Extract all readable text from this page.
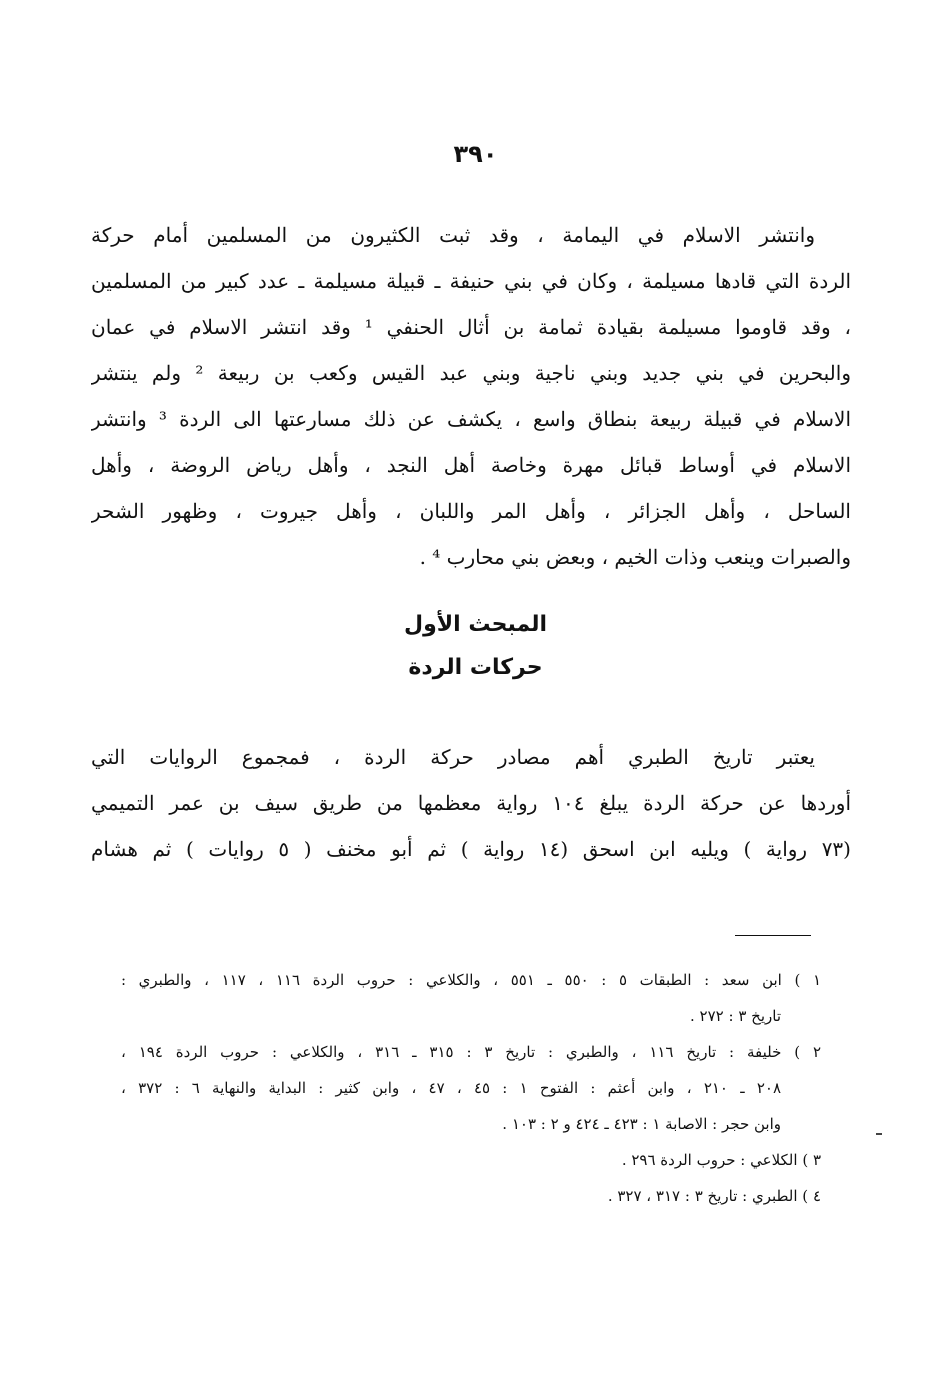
٣٩٠
وانتشر الاسلام في اليمامة ، وقد ثبت الكثيرون من المسلمين أمام حركة
الردة التي قادها مسيلمة ، وكان في بني حنيفة ـ قبيلة مسيلمة ـ عدد كبير من المسلمين
، وقد قاوموا مسيلمة بقيادة ثمامة بن أثال الحنفي ¹ وقد انتشر الاسلام في عمان
والبحرين في بني جديد وبني ناجية وبني عبد القيس وكعب بن ربيعة ² ولم ينتشر
الاسلام في قبيلة ربيعة بنطاق واسع ، يكشف عن ذلك مسارعتها الى الردة ³ وانتشر
الاسلام في أوساط قبائل مهرة وخاصة أهل النجد ، وأهل رياض الروضة ، وأهل
الساحل ، وأهل الجزائر ، وأهل المر واللبان ، وأهل جيروت ، وظهور الشحر
والصبرات وينعب وذات الخيم ، وبعض بني محارب ⁴ .
المبحث الأول
حركات الردة
يعتبر تاريخ الطبري أهم مصادر حركة الردة ، فمجموع الروايات التي
أوردها عن حركة الردة يبلغ ١٠٤ رواية معظمها من طريق سيف بن عمر التميمي
(٧٣ رواية ) ويليه ابن اسحق (١٤ رواية ) ثم أبو مخنف ( ٥ روايات ) ثم هشام
١ ) ابن سعد : الطبقات ٥ : ٥٥٠ ـ ٥٥١ ، والكلاعي : حروب الردة ١١٦ ، ١١٧ ، والطبري :
تاريخ ٣ : ٢٧٢ .
٢ ) خليفة : تاريخ ١١٦ ، والطبري : تاريخ ٣ : ٣١٥ ـ ٣١٦ ، والكلاعي : حروب الردة ١٩٤ ،
٢٠٨ ـ ٢١٠ ، وابن أعثم : الفتوح ١ : ٤٥ ، ٤٧ ، وابن كثير : البداية والنهاية ٦ : ٣٧٢ ،
وابن حجر : الاصابة ١ : ٤٢٣ ـ ٤٢٤ و ٢ : ١٠٣ .
٣ ) الكلاعي : حروب الردة ٢٩٦ .
٤ ) الطبري : تاريخ ٣ : ٣١٧ ، ٣٢٧ .
